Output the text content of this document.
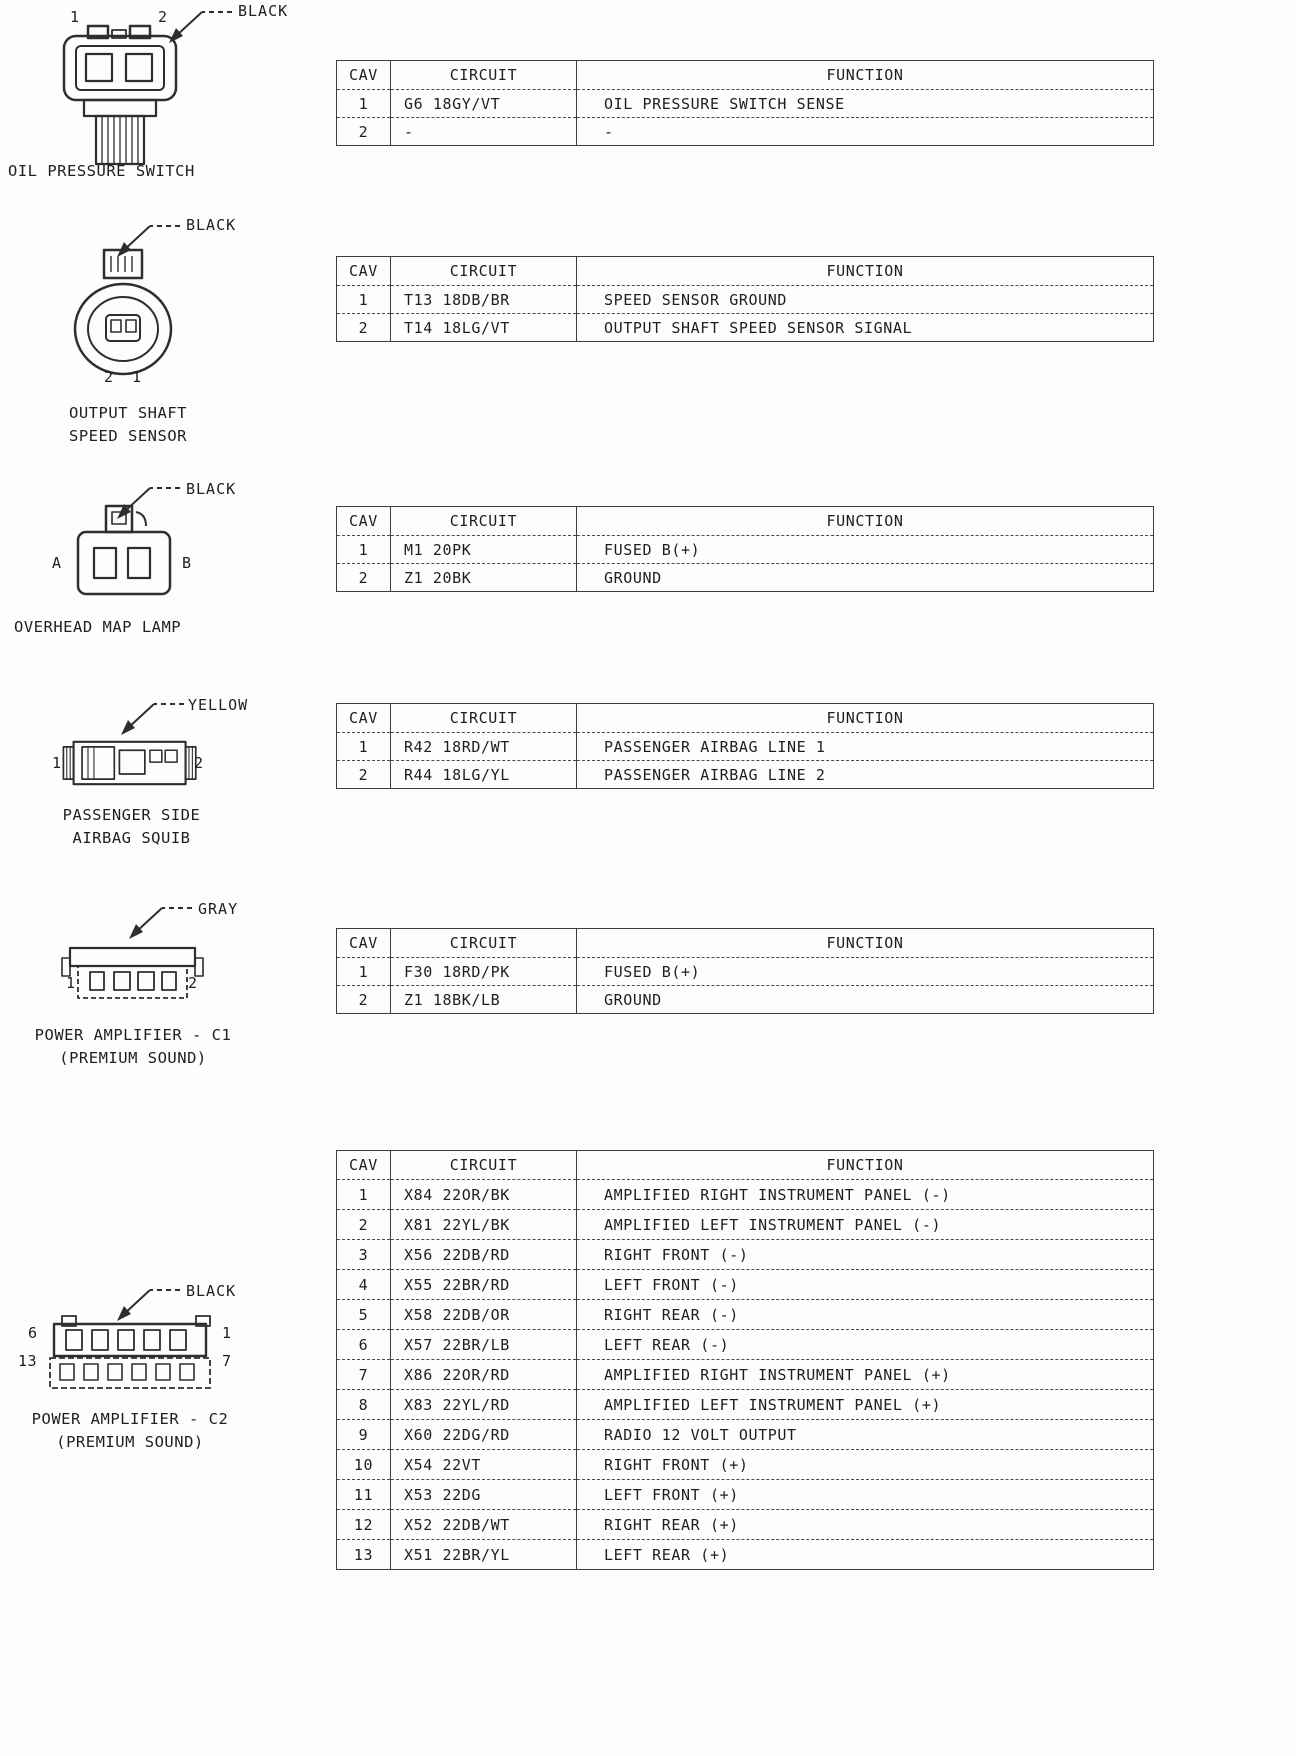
1	2	BLACK
OIL PRESSURE SWITCH
CAV	CIRCUIT	FUNCTION
1	G6 18GY/VT	OIL PRESSURE SWITCH SENSE
2	-	-
BLACK
2 1
OUTPUT SHAFT
SPEED SENSOR
CAV	CIRCUIT	FUNCTION
1	T13 18DB/BR	SPEED SENSOR GROUND
2	T14 18LG/VT	OUTPUT SHAFT SPEED SENSOR SIGNAL
BLACK
A	B
OVERHEAD MAP LAMP
CAV	CIRCUIT	FUNCTION
1	M1 20PK	FUSED B(+)
2	Z1 20BK	GROUND
YELLOW
1	2
PASSENGER SIDE
AIRBAG SQUIB
CAV	CIRCUIT	FUNCTION
1	R42 18RD/WT	PASSENGER AIRBAG LINE 1
2	R44 18LG/YL	PASSENGER AIRBAG LINE 2
GRAY
1	2
POWER AMPLIFIER - C1
(PREMIUM SOUND)
CAV	CIRCUIT	FUNCTION
1	F30 18RD/PK	FUSED B(+)
2	Z1 18BK/LB	GROUND
BLACK
6	1
13	7
POWER AMPLIFIER - C2
(PREMIUM SOUND)
CAV	CIRCUIT	FUNCTION
1	X84 22OR/BK	AMPLIFIED RIGHT INSTRUMENT PANEL (-)
2	X81 22YL/BK	AMPLIFIED LEFT INSTRUMENT PANEL (-)
3	X56 22DB/RD	RIGHT FRONT (-)
4	X55 22BR/RD	LEFT FRONT (-)
5	X58 22DB/OR	RIGHT REAR (-)
6	X57 22BR/LB	LEFT REAR (-)
7	X86 22OR/RD	AMPLIFIED RIGHT INSTRUMENT PANEL (+)
8	X83 22YL/RD	AMPLIFIED LEFT INSTRUMENT PANEL (+)
9	X60 22DG/RD	RADIO 12 VOLT OUTPUT
10	X54 22VT	RIGHT FRONT (+)
11	X53 22DG	LEFT FRONT (+)
12	X52 22DB/WT	RIGHT REAR (+)
13	X51 22BR/YL	LEFT REAR (+)
